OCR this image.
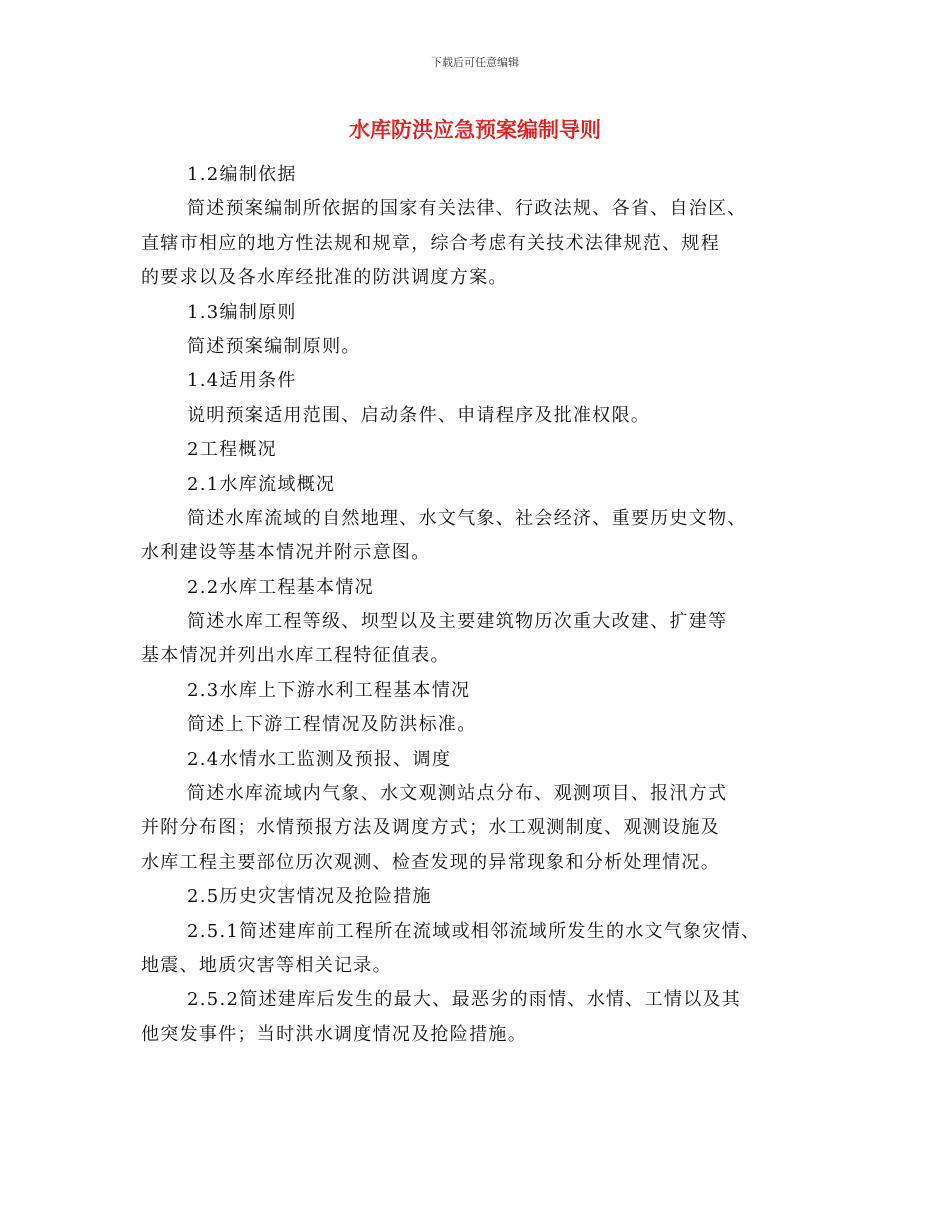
下载后可任意编辑
水库防洪应急预案编制导则
1.2编制依据
简述预案编制所依据的国家有关法律、行政法规、各省、自治区、
直辖市相应的地方性法规和规章，综合考虑有关技术法律规范、规程
的要求以及各水库经批准的防洪调度方案。
1.3编制原则
简述预案编制原则。
1.4适用条件
说明预案适用范围、启动条件、申请程序及批准权限。
2工程概况
2.1水库流域概况
简述水库流域的自然地理、水文气象、社会经济、重要历史文物、
水利建设等基本情况并附示意图。
2.2水库工程基本情况
简述水库工程等级、坝型以及主要建筑物历次重大改建、扩建等
基本情况并列出水库工程特征值表。
2.3水库上下游水利工程基本情况
简述上下游工程情况及防洪标准。
2.4水情水工监测及预报、调度
简述水库流域内气象、水文观测站点分布、观测项目、报汛方式
并附分布图；水情预报方法及调度方式；水工观测制度、观测设施及
水库工程主要部位历次观测、检查发现的异常现象和分析处理情况。
2.5历史灾害情况及抢险措施
2.5.1简述建库前工程所在流域或相邻流域所发生的水文气象灾情、
地震、地质灾害等相关记录。
2.5.2简述建库后发生的最大、最恶劣的雨情、水情、工情以及其
他突发事件；当时洪水调度情况及抢险措施。
